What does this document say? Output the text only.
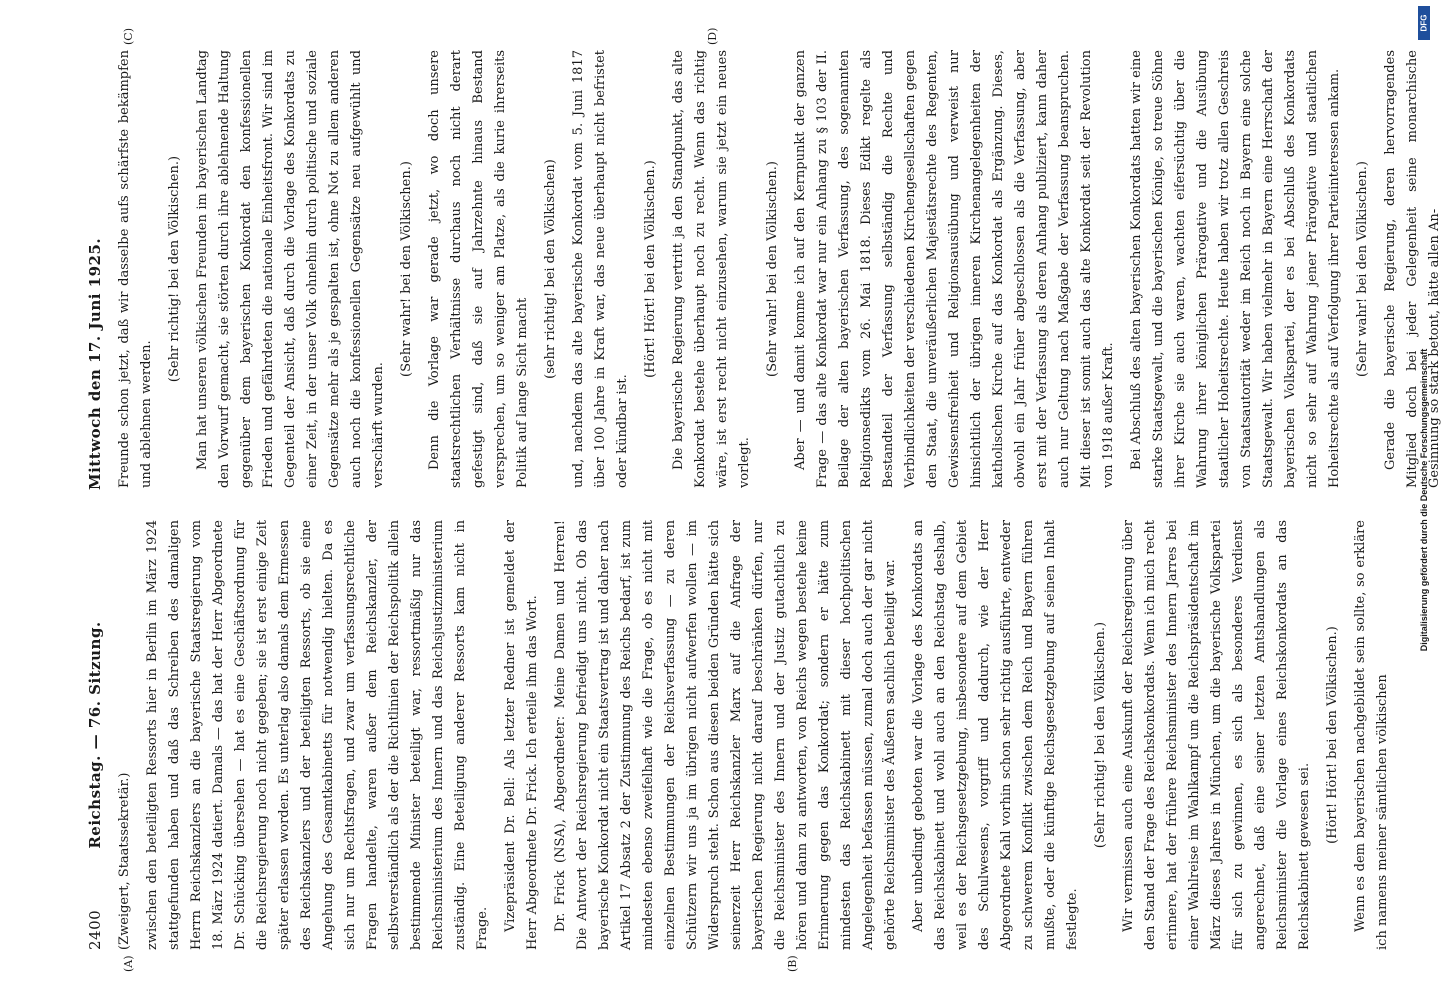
2400
Reichstag. — 76. Sitzung.
Mittwoch den 17. Juni 1925.
(A)	(B)
(C)	(D)

(Zweigert, Staatssekretär.)	zwischen den beteiligten Ressorts hier in Berlin im März 1924 stattgefunden haben und daß das Schreiben des damaligen Herrn Reichskanzlers an die bayerische Staatsregierung vom 18. März 1924 datiert. Damals — das hat der Herr Abgeordnete Dr. Schücking übersehen — hat es eine Geschäftsordnung für die Reichsregierung noch nicht gegeben; sie ist erst einige Zeit später erlassen worden. Es unterlag also damals dem Ermessen des Reichskanzlers und der beteiligten Ressorts, ob sie eine Angehung des Gesamtkabinetts für notwendig hielten. Da es sich nur um Rechtsfragen, und zwar um verfassungsrechtliche Fragen handelte, waren außer dem Reichskanzler, der selbstverständlich als der die Richtlinien der Reichspolitik allein bestimmende Minister beteiligt war, ressortmäßig nur das Reichsministerium des Innern und das Reichsjustizministerium zuständig. Eine Beteiligung anderer Ressorts kam nicht in Frage.	Vizepräsident Dr. Bell: Als letzter Redner ist gemeldet der Herr Abgeordnete Dr. Frick. Ich erteile ihm das Wort.	Dr. Frick (NSA), Abgeordneter: Meine Damen und Herren! Die Antwort der Reichsregierung befriedigt uns nicht. Ob das bayerische Konkordat nicht ein Staatsvertrag ist und daher nach Artikel 17 Absatz 2 der Zustimmung des Reichs bedarf, ist zum mindesten ebenso zweifelhaft wie die Frage, ob es nicht mit einzelnen Bestimmungen der Reichsverfassung — zu deren Schützern wir uns ja im übrigen nicht aufwerfen wollen — im Widerspruch steht. Schon aus diesen beiden Gründen hätte sich seinerzeit Herr Reichskanzler Marx auf die Anfrage der bayerischen Regierung nicht darauf beschränken dürfen, nur die Reichsminister des Innern und der Justiz gutachtlich zu hören und dann zu antworten, von Reichs wegen bestehe keine Erinnerung gegen das Konkordat; sondern er hätte zum mindesten das Reichskabinett mit dieser hochpolitischen Angelegenheit befassen müssen, zumal doch auch der gar nicht gehörte Reichsminister des Äußeren sachlich beteiligt war.	Aber unbedingt geboten war die Vorlage des Konkordats an das Reichskabinett und wohl auch an den Reichstag deshalb, weil es der Reichsgesetzgebung, insbesondere auf dem Gebiet des Schulwesens, vorgriff und dadurch, wie der Herr Abgeordnete Kahl vorhin schon sehr richtig ausführte, entweder zu schwerem Konflikt zwischen dem Reich und Bayern führen mußte, oder die künftige Reichsgesetzgebung auf seinen Inhalt festlegte.

(Sehr richtig! bei den Völkischen.)	Wir vermissen auch eine Auskunft der Reichsregierung über den Stand der Frage des Reichskonkordats. Wenn ich mich recht erinnere, hat der frühere Reichsminister des Innern Jarres bei einer Wahlreise im Wahlkampf um die Reichspräsidentschaft im März dieses Jahres in München, um die bayerische Volkspartei für sich zu gewinnen, es sich als besonderes Verdienst angerechnet, daß eine seiner letzten Amtshandlungen als Reichsminister die Vorlage eines Reichskonkordats an das Reichskabinett gewesen sei.

(Hört! Hört! bei den Völkischen.)	Wenn es dem bayerischen nachgebildet sein sollte, so erkläre ich namens meiner sämtlichen völkischen

Freunde schon jetzt, daß wir dasselbe aufs schärfste bekämpfen und ablehnen werden.

(Sehr richtig! bei den Völkischen.)	Man hat unseren völkischen Freunden im bayerischen Landtag den Vorwurf gemacht, sie störten durch ihre ablehnende Haltung gegenüber dem bayerischen Konkordat den konfessionellen Frieden und gefährdeten die nationale Einheitsfront. Wir sind im Gegenteil der Ansicht, daß durch die Vorlage des Konkordats zu einer Zeit, in der unser Volk ohnehin durch politische und soziale Gegensätze mehr als je gespalten ist, ohne Not zu allem anderen auch noch die konfessionellen Gegensätze neu aufgewühlt und verschärft wurden.

(Sehr wahr! bei den Völkischen.)	Denn die Vorlage war gerade jetzt, wo doch unsere staatsrechtlichen Verhältnisse durchaus noch nicht derart gefestigt sind, daß sie auf Jahrzehnte hinaus Bestand versprechen, um so weniger am Platze, als die kurie ihrerseits Politik auf lange Sicht macht

(sehr richtig! bei den Völkischen)	und, nachdem das alte bayerische Konkordat vom 5. Juni 1817 über 100 Jahre in Kraft war, das neue überhaupt nicht befristet oder kündbar ist.

(Hört! Hört! bei den Völkischen.)	Die bayerische Regierung vertritt ja den Standpunkt, das alte Konkordat bestehe überhaupt noch zu recht. Wenn das richtig wäre, ist erst recht nicht einzusehen, warum sie jetzt ein neues vorlegt.

(Sehr wahr! bei den Völkischen.)	Aber — und damit komme ich auf den Kernpunkt der ganzen Frage — das alte Konkordat war nur ein Anhang zu § 103 der II. Beilage der alten bayerischen Verfassung, des sogenannten Religionsedikts vom 26. Mai 1818. Dieses Edikt regelte als Bestandteil der Verfassung selbständig die Rechte und Verbindlichkeiten der verschiedenen Kirchengesellschaften gegen den Staat, die unveräußerlichen Majestätsrechte des Regenten, Gewissensfreiheit und Religionsausübung und verweist nur hinsichtlich der übrigen inneren Kirchenangelegenheiten der katholischen Kirche auf das Konkordat als Ergänzung. Dieses, obwohl ein Jahr früher abgeschlossen als die Verfassung, aber erst mit der Verfassung als deren Anhang publiziert, kann daher auch nur Geltung nach Maßgabe der Verfassung beanspruchen. Mit dieser ist somit auch das alte Konkordat seit der Revolution von 1918 außer Kraft.	Bei Abschluß des alten bayerischen Konkordats hatten wir eine starke Staatsgewalt, und die bayerischen Könige, so treue Söhne ihrer Kirche sie auch waren, wachten eifersüchtig über die Wahrung ihrer königlichen Prärogative und die Ausübung staatlicher Hoheitsrechte. Heute haben wir trotz allen Geschreis von Staatsautorität weder im Reich noch in Bayern eine solche Staatsgewalt. Wir haben vielmehr in Bayern eine Herrschaft der bayerischen Volkspartei, der es bei Abschluß des Konkordats nicht so sehr auf Wahrung jener Prärogative und staatlichen Hoheitsrechte als auf Verfolgung ihrer Parteiinteressen ankam.	(Sehr wahr! bei den Völkischen.)	Gerade die bayerische Regierung, deren hervorragendes Mitglied doch bei jeder Gelegenheit seine monarchische Gesinnung so stark betont, hätte allen An-

Digitalisierung gefördert durch die Deutsche Forschungsgemeinschaft
DFG
